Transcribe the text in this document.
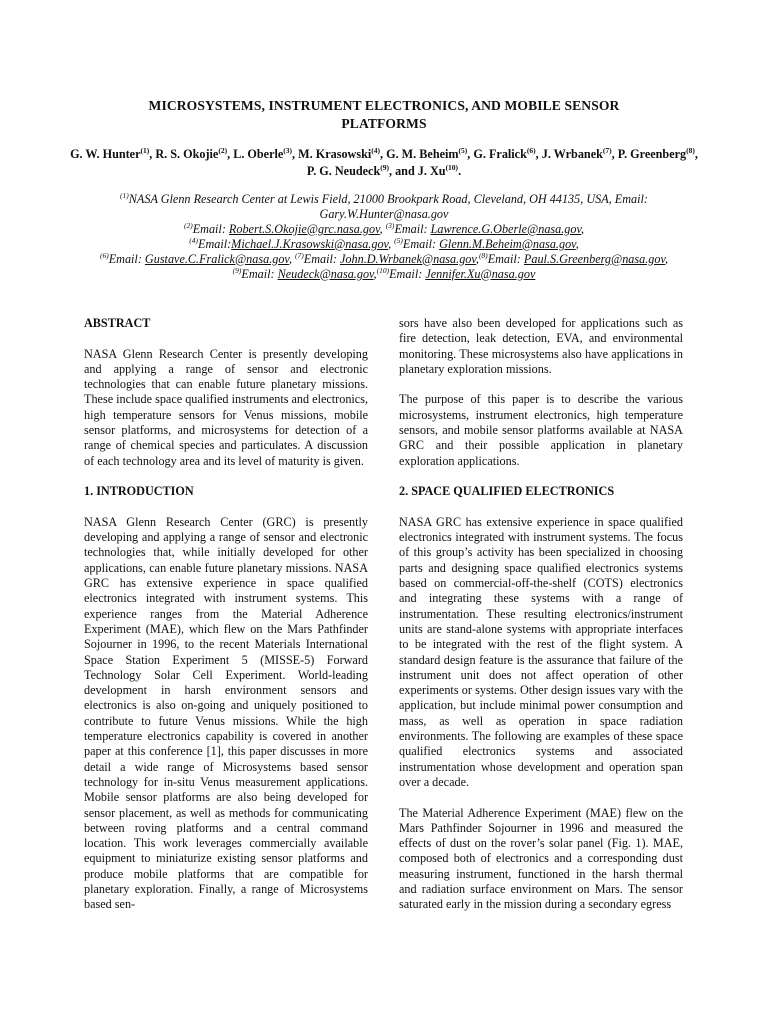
MICROSYSTEMS, INSTRUMENT ELECTRONICS, AND MOBILE SENSOR
PLATFORMS
G. W. Hunter$^{(1)}$, R. S. Okojie$^{(2)}$, L. Oberle$^{(3)}$, M. Krasowski$^{(4)}$, G. M. Beheim$^{(5)}$, G. Fralick$^{(6)}$, J. Wrbanek$^{(7)}$, P. Greenberg$^{(8)}$, P. G. Neudeck$^{(9)}$, and J. Xu$^{(10)}$.
$^{(1)}$NASA Glenn Research Center at Lewis Field, 21000 Brookpark Road, Cleveland, OH 44135, USA, Email:
Gary.W.Hunter@nasa.gov
$^{(2)}$Email: Robert.S.Okojie@grc.nasa.gov, $^{(3)}$Email: Lawrence.G.Oberle@nasa.gov,
$^{(4)}$Email:Michael.J.Krasowski@nasa.gov, $^{(5)}$Email: Glenn.M.Beheim@nasa.gov,
$^{(6)}$Email: Gustave.C.Fralick@nasa.gov, $^{(7)}$Email: John.D.Wrbanek@nasa.gov,$^{(8)}$Email: Paul.S.Greenberg@nasa.gov,
$^{(9)}$Email: Neudeck@nasa.gov,$^{(10)}$Email: Jennifer.Xu@nasa.gov
ABSTRACT

NASA Glenn Research Center is presently developing and applying a range of sensor and electronic technologies that can enable future planetary missions. These include space qualified instruments and electronics, high temperature sensors for Venus missions, mobile sensor platforms, and microsystems for detection of a range of chemical species and particulates. A discussion of each technology area and its level of maturity is given.

1. INTRODUCTION

NASA Glenn Research Center (GRC) is presently developing and applying a range of sensor and electronic technologies that, while initially developed for other applications, can enable future planetary missions. NASA GRC has extensive experience in space qualified electronics integrated with instrument systems. This experience ranges from the Material Adherence Experiment (MAE), which flew on the Mars Pathfinder Sojourner in 1996, to the recent Materials International Space Station Experiment 5 (MISSE-5) Forward Technology Solar Cell Experiment. World-leading development in harsh environment sensors and electronics is also on-going and uniquely positioned to contribute to future Venus missions. While the high temperature electronics capability is covered in another paper at this conference [1], this paper discusses in more detail a wide range of Microsystems based sensor technology for in-situ Venus measurement applications. Mobile sensor platforms are also being developed for sensor placement, as well as methods for communicating between roving platforms and a central command location. This work leverages commercially available equipment to miniaturize existing sensor platforms and produce mobile platforms that are compatible for planetary exploration. Finally, a range of Microsystems based sen-

sors have also been developed for applications such as fire detection, leak detection, EVA, and environmental monitoring. These microsystems also have applications in planetary exploration missions.

The purpose of this paper is to describe the various microsystems, instrument electronics, high temperature sensors, and mobile sensor platforms available at NASA GRC and their possible application in planetary exploration applications.

2. SPACE QUALIFIED ELECTRONICS

NASA GRC has extensive experience in space qualified electronics integrated with instrument systems. The focus of this group’s activity has been specialized in choosing parts and designing space qualified electronics systems based on commercial-off-the-shelf (COTS) electronics and integrating these systems with a range of instrumentation. These resulting electronics/instrument units are stand-alone systems with appropriate interfaces to be integrated with the rest of the flight system. A standard design feature is the assurance that failure of the instrument unit does not affect operation of other experiments or systems. Other design issues vary with the application, but include minimal power consumption and mass, as well as operation in space radiation environments. The following are examples of these space qualified electronics systems and associated instrumentation whose development and operation span over a decade.

The Material Adherence Experiment (MAE) flew on the Mars Pathfinder Sojourner in 1996 and measured the effects of dust on the rover’s solar panel (Fig. 1). MAE, composed both of electronics and a corresponding dust measuring instrument, functioned in the harsh thermal and radiation surface environment on Mars. The sensor saturated early in the mission during a secondary egress
